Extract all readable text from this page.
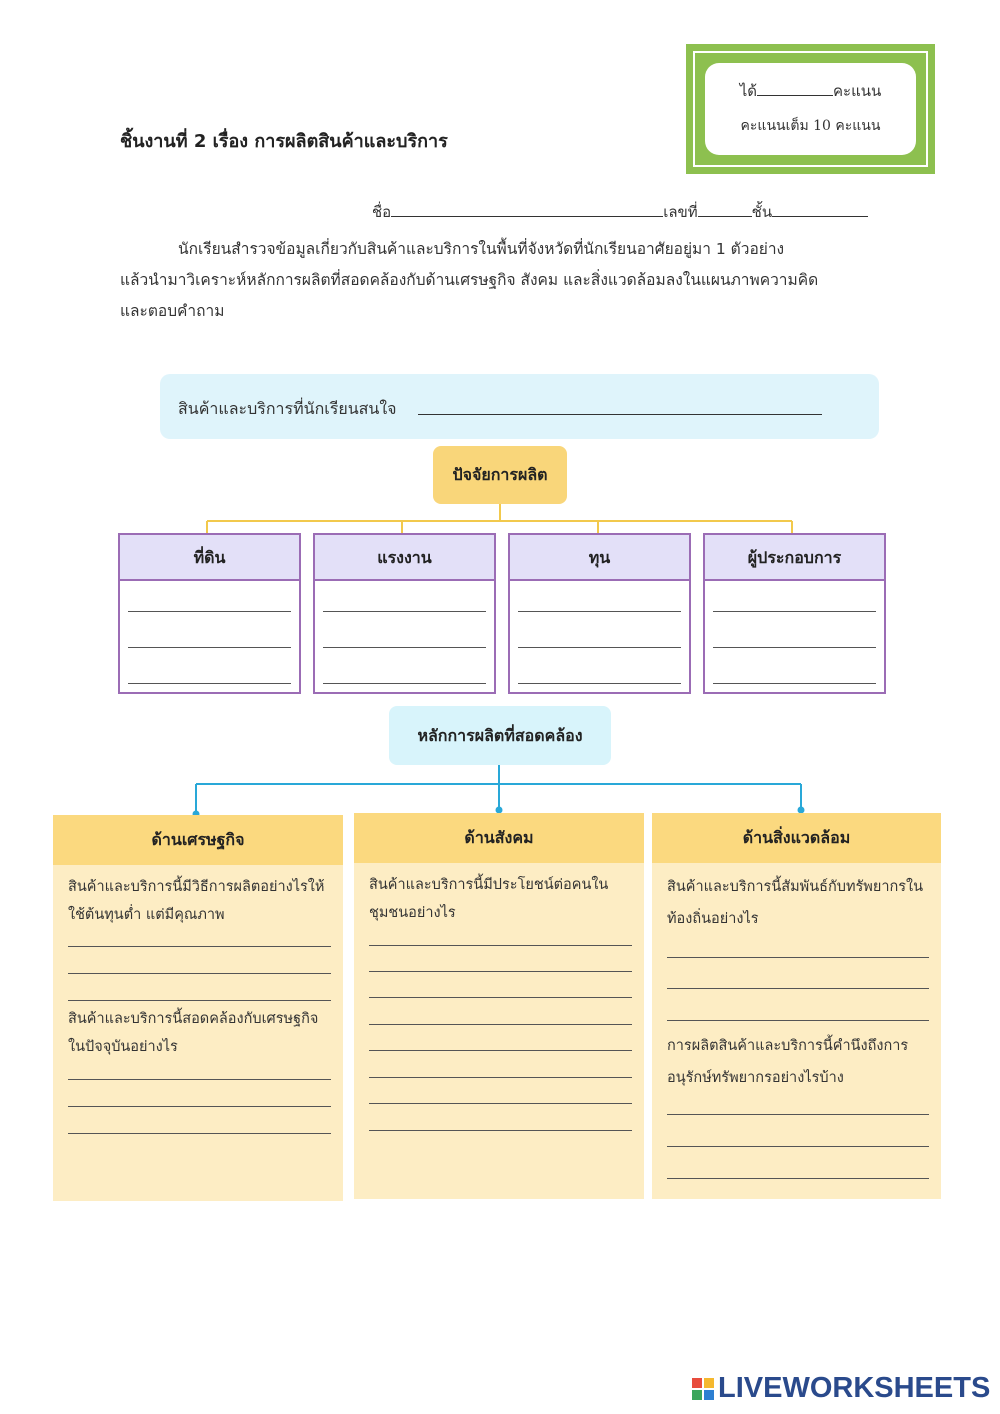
ได้	คะแนน
คะแนนเต็ม 10 คะแนน
ชิ้นงานที่ 2 เรื่อง การผลิตสินค้าและบริการ
ชื่อ	เลขที่	ชั้น
นักเรียนสำรวจข้อมูลเกี่ยวกับสินค้าและบริการในพื้นที่จังหวัดที่นักเรียนอาศัยอยู่มา 1 ตัวอย่าง
แล้วนำมาวิเคราะห์หลักการผลิตที่สอดคล้องกับด้านเศรษฐกิจ สังคม และสิ่งแวดล้อมลงในแผนภาพความคิด
และตอบคำถาม
สินค้าและบริการที่นักเรียนสนใจ
ปัจจัยการผลิต
ที่ดิน	แรงงาน	ทุน	ผู้ประกอบการ
หลักการผลิตที่สอดคล้อง
ด้านเศรษฐกิจ
สินค้าและบริการนี้มีวิธีการผลิตอย่างไรให้ใช้ต้นทุนต่ำ แต่มีคุณภาพ
สินค้าและบริการนี้สอดคล้องกับเศรษฐกิจในปัจจุบันอย่างไร
ด้านสังคม
สินค้าและบริการนี้มีประโยชน์ต่อคนในชุมชนอย่างไร
ด้านสิ่งแวดล้อม
สินค้าและบริการนี้สัมพันธ์กับทรัพยากรในท้องถิ่นอย่างไร
การผลิตสินค้าและบริการนี้คำนึงถึงการอนุรักษ์ทรัพยากรอย่างไรบ้าง
LIVEWORKSHEETS
